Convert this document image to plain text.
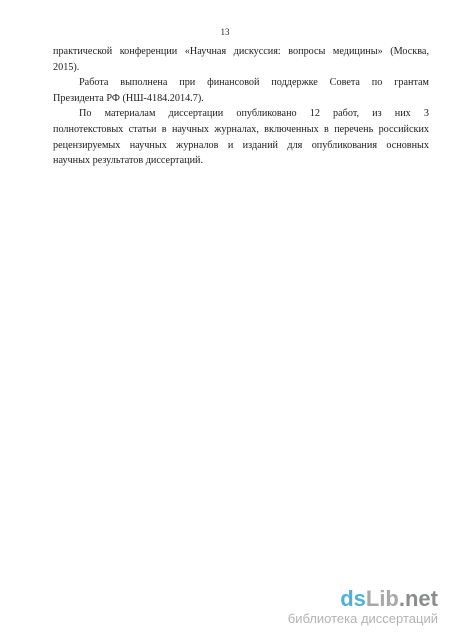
13

практической конференции «Научная дискуссия: вопросы медицины» (Москва,
2015).

Работа выполнена при финансовой поддержке Совета по грантам
Президента РФ (НШ-4184.2014.7).

По материалам диссертации опубликовано 12 работ, из них 3
полнотекстовых статьи в научных журналах, включенных в перечень российских
рецензируемых научных журналов и изданий для опубликования основных
научных результатов диссертаций.

dsLib.net
библиотека диссертаций
